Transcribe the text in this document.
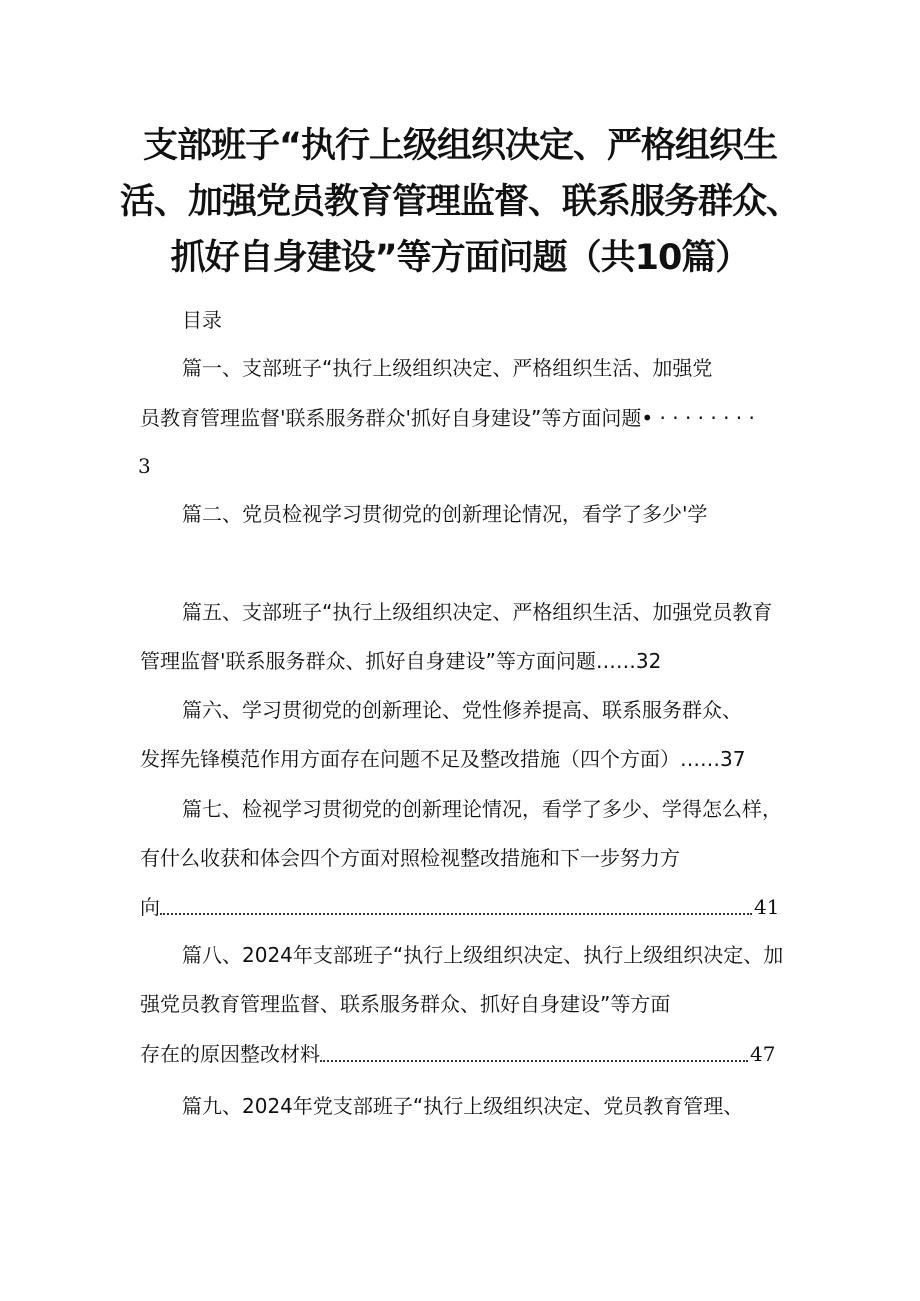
支部班子“执行上级组织决定、严格组织生
活、加强党员教育管理监督、联系服务群众、
抓好自身建设”等方面问题（共10篇）
目录
篇一、支部班子“执行上级组织决定、严格组织生活、加强党
员教育管理监督'联系服务群众'抓好自身建设”等方面问题• · · · · · · · ·
3
篇二、党员检视学习贯彻党的创新理论情况，看学了多少'学
篇五、支部班子“执行上级组织决定、严格组织生活、加强党员教育
管理监督'联系服务群众、抓好自身建设”等方面问题……32
篇六、学习贯彻党的创新理论、党性修养提高、联系服务群众、
发挥先锋模范作用方面存在问题不足及整改措施（四个方面）……37
篇七、检视学习贯彻党的创新理论情况，看学了多少、学得怎么样，
有什么收获和体会四个方面对照检视整改措施和下一步努力方
向	41
篇八、2024年支部班子“执行上级组织决定、执行上级组织决定、加
强党员教育管理监督、联系服务群众、抓好自身建设”等方面
存在的原因整改材料	47
篇九、2024年党支部班子“执行上级组织决定、党员教育管理、
